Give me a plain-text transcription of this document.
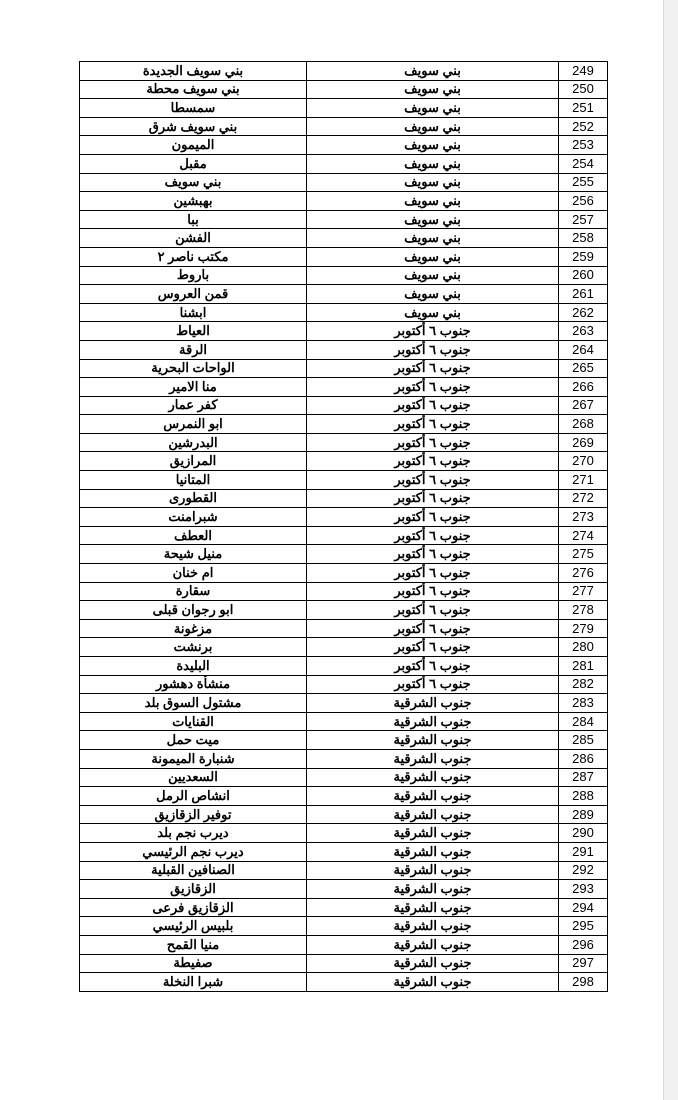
بني سويف الجديدة	بني سويف	249
بني سويف محطة	بني سويف	250
سمسطا	بني سويف	251
بني سويف شرق	بني سويف	252
الميمون	بني سويف	253
مقبل	بني سويف	254
بني سويف	بني سويف	255
بهبشين	بني سويف	256
ببا	بني سويف	257
الفشن	بني سويف	258
مكتب ناصر ٢	بني سويف	259
باروط	بني سويف	260
قمن العروس	بني سويف	261
ابشنا	بني سويف	262
العياط	جنوب ٦ أكتوبر	263
الرقة	جنوب ٦ أكتوبر	264
الواحات البحرية	جنوب ٦ أكتوبر	265
منا الامير	جنوب ٦ أكتوبر	266
كفر عمار	جنوب ٦ أكتوبر	267
ابو النمرس	جنوب ٦ أكتوبر	268
البدرشين	جنوب ٦ أكتوبر	269
المرازيق	جنوب ٦ أكتوبر	270
المتانيا	جنوب ٦ أكتوبر	271
القطورى	جنوب ٦ أكتوبر	272
شبرامنت	جنوب ٦ أكتوبر	273
العطف	جنوب ٦ أكتوبر	274
منيل شيحة	جنوب ٦ أكتوبر	275
ام خنان	جنوب ٦ أكتوبر	276
سقارة	جنوب ٦ أكتوبر	277
ابو رجوان قبلى	جنوب ٦ أكتوبر	278
مزغونة	جنوب ٦ أكتوبر	279
برنشت	جنوب ٦ أكتوبر	280
البليدة	جنوب ٦ أكتوبر	281
منشأة دهشور	جنوب ٦ أكتوبر	282
مشتول السوق بلد	جنوب الشرقية	283
القنايات	جنوب الشرقية	284
ميت حمل	جنوب الشرقية	285
شنبارة الميمونة	جنوب الشرقية	286
السعديين	جنوب الشرقية	287
انشاص الرمل	جنوب الشرقية	288
توفير الزقازيق	جنوب الشرقية	289
ديرب نجم بلد	جنوب الشرقية	290
ديرب نجم الرئيسي	جنوب الشرقية	291
الصنافين القبلية	جنوب الشرقية	292
الزقازيق	جنوب الشرقية	293
الزقازيق فرعى	جنوب الشرقية	294
بلبيس الرئيسي	جنوب الشرقية	295
منيا القمح	جنوب الشرقية	296
صفيطة	جنوب الشرقية	297
شبرا النخلة	جنوب الشرقية	298
